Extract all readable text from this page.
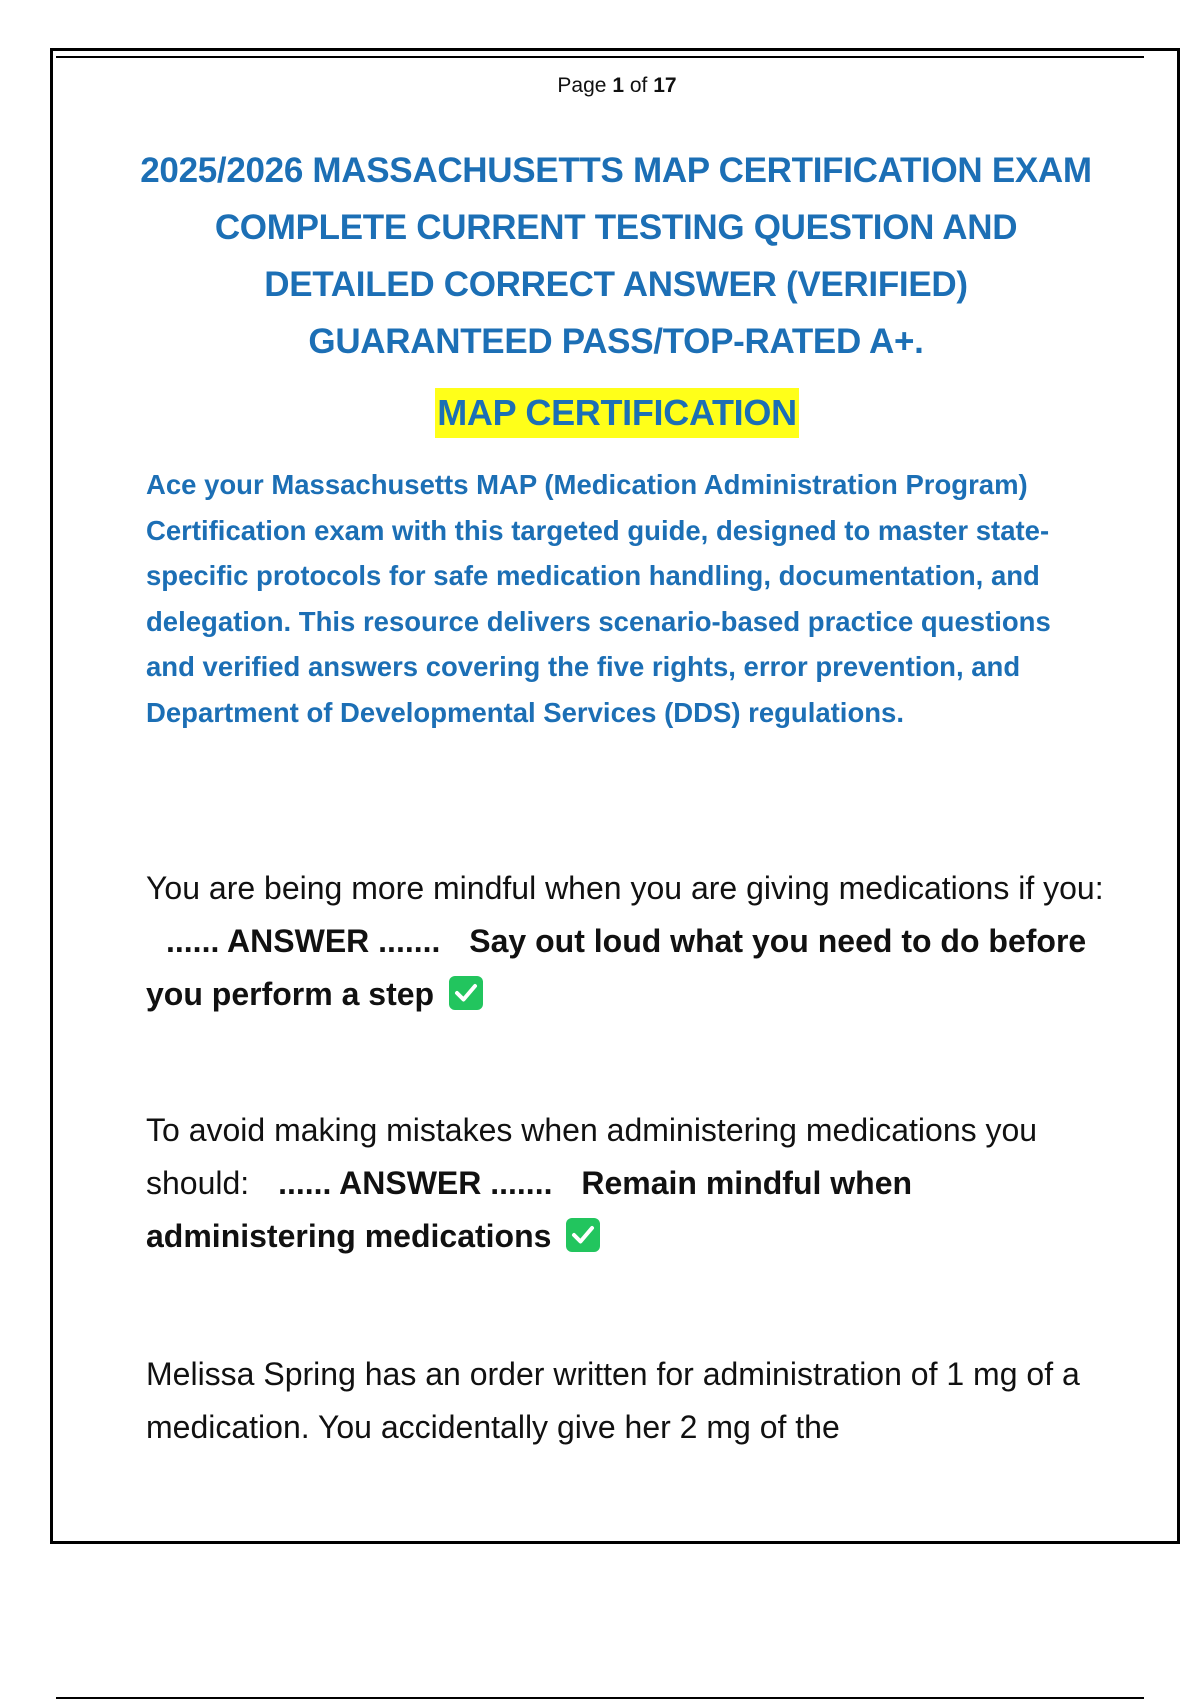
Page 1 of 17
2025/2026 MASSACHUSETTS MAP CERTIFICATION EXAM COMPLETE CURRENT TESTING QUESTION AND DETAILED CORRECT ANSWER (VERIFIED) GUARANTEED PASS/TOP-RATED A+.
MAP CERTIFICATION
Ace your Massachusetts MAP (Medication Administration Program) Certification exam with this targeted guide, designed to master state-specific protocols for safe medication handling, documentation, and delegation. This resource delivers scenario-based practice questions and verified answers covering the five rights, error prevention, and Department of Developmental Services (DDS) regulations.
You are being more mindful when you are giving medications if you: ...... ANSWER ....... Say out loud what you need to do before you perform a step
To avoid making mistakes when administering medications you should: ...... ANSWER ....... Remain mindful when administering medications
Melissa Spring has an order written for administration of 1 mg of a medication. You accidentally give her 2 mg of the
